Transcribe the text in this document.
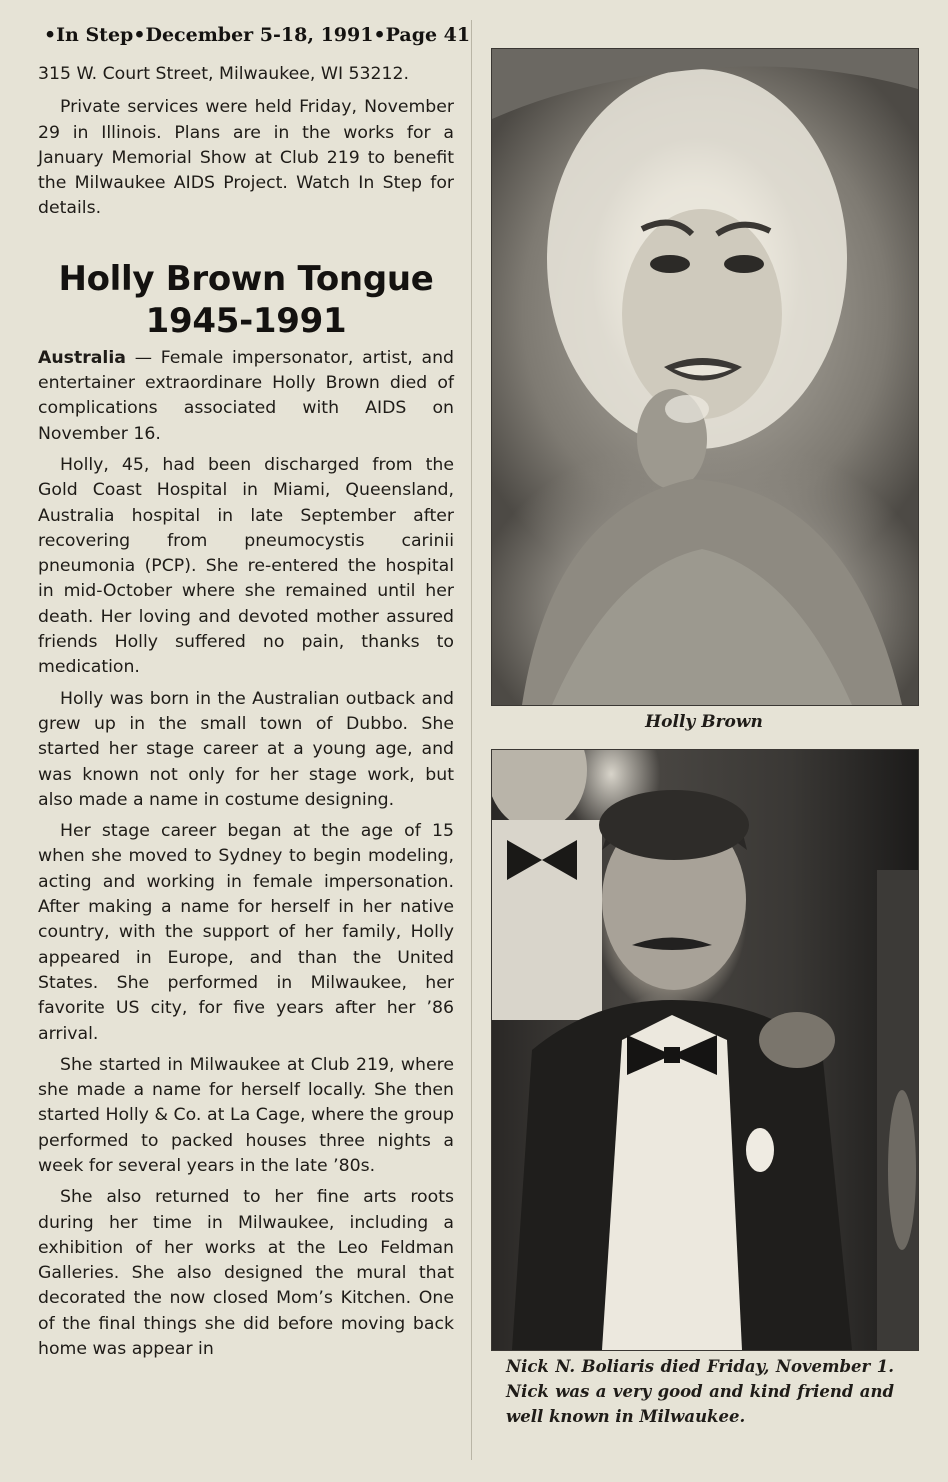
•In Step•December 5-18, 1991•Page 41

315 W. Court Street, Milwaukee, WI 53212.

Private services were held Friday, November 29 in Illinois. Plans are in the works for a January Memorial Show at Club 219 to benefit the Milwaukee AIDS Project. Watch In Step for details.

Holly Brown Tongue
1945-1991

Australia — Female impersonator, artist, and entertainer extraordinare Holly Brown died of complications associated with AIDS on November 16.

Holly, 45, had been discharged from the Gold Coast Hospital in Miami, Queensland, Australia hospital in late September after recovering from pneumocystis carinii pneumonia (PCP). She re-entered the hospital in mid-October where she remained until her death. Her loving and devoted mother assured friends Holly suffered no pain, thanks to medication.

Holly was born in the Australian outback and grew up in the small town of Dubbo. She started her stage career at a young age, and was known not only for her stage work, but also made a name in costume designing.

Her stage career began at the age of 15 when she moved to Sydney to begin modeling, acting and working in female impersonation. After making a name for herself in her native country, with the support of her family, Holly appeared in Europe, and than the United States. She performed in Milwaukee, her favorite US city, for five years after her ’86 arrival.

She started in Milwaukee at Club 219, where she made a name for herself locally. She then started Holly & Co. at La Cage, where the group performed to packed houses three nights a week for several years in the late ’80s.

She also returned to her fine arts roots during her time in Milwaukee, including a exhibition of her works at the Leo Feldman Galleries. She also designed the mural that decorated the now closed Mom’s Kitchen. One of the final things she did before moving back home was appear in

Holly Brown
Nick N. Boliaris died Friday, November 1. Nick was a very good and kind friend and well known in Milwaukee.
